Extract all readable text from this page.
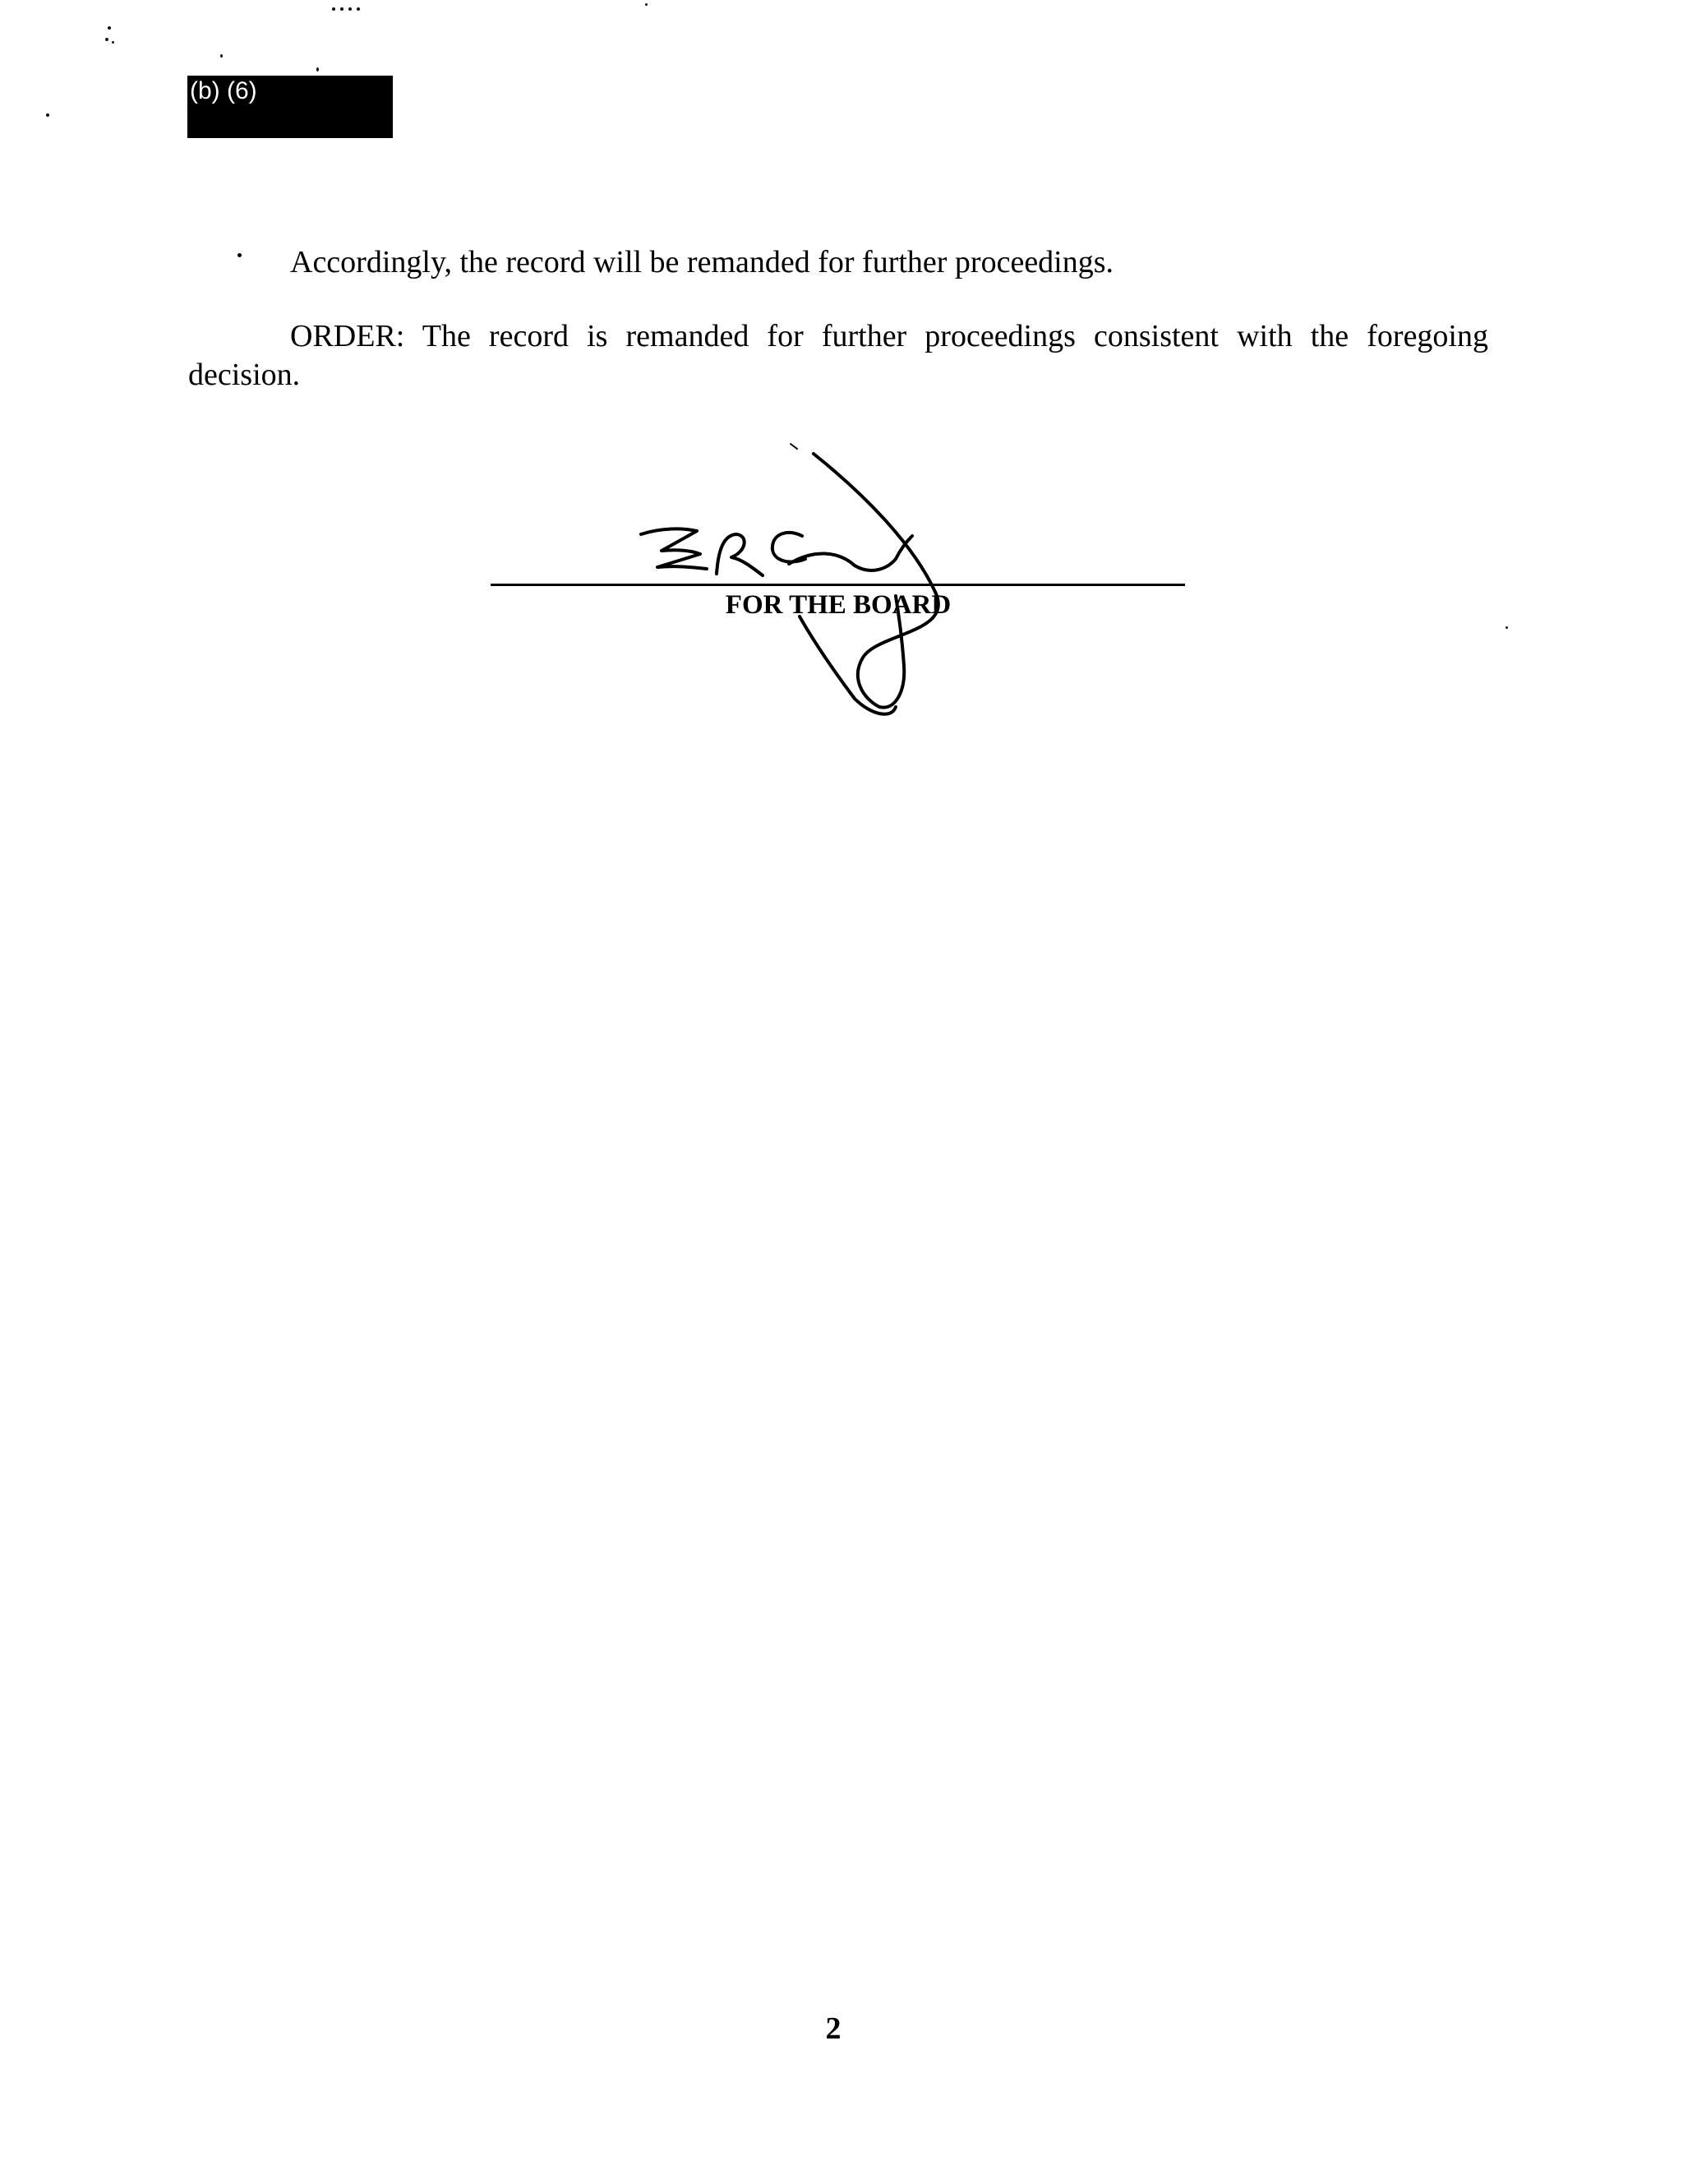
(b) (6)
Accordingly, the record will be remanded for further proceedings.
ORDER: The record is remanded for further proceedings consistent with the foregoing decision.
FOR THE BOARD
2
